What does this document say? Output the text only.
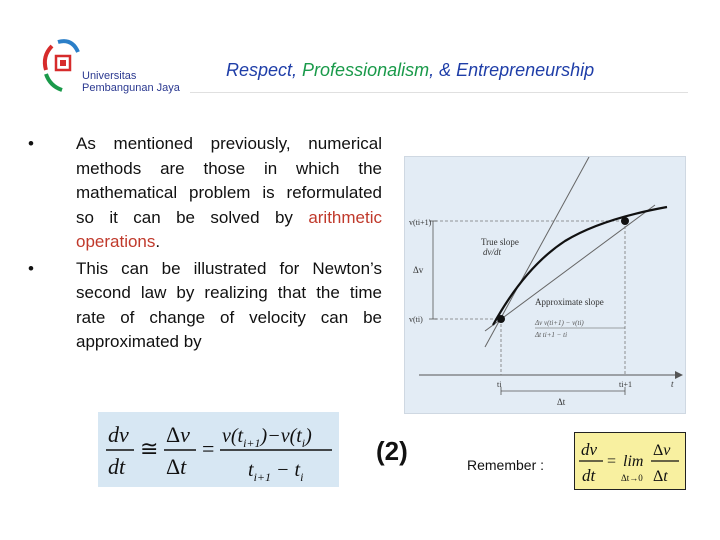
Universitas
Pembangunan Jaya
Respect, Professionalism, & Entrepreneurship
•	As mentioned previously, numerical methods are those in which the mathematical problem is reformulated so it can be solved by arithmetic operations.
•	This can be illustrated for Newton’s second law by realizing that the time rate of change of velocity can be approximated by
v(ti+1)
v(ti)
Δv
True slope
dv/dt
Approximate slope
Δv v(ti+1) − v(ti)
Δt ti+1 − ti
ti	ti+1	t
Δt
dv
dt
≅
Δv
Δt
= $v(t_{i+1})-v(t_i)$
$t_{i+1} - t_i$
(2)	Remember :
dv
dt
= lim
Δt→0
Δv
Δt
